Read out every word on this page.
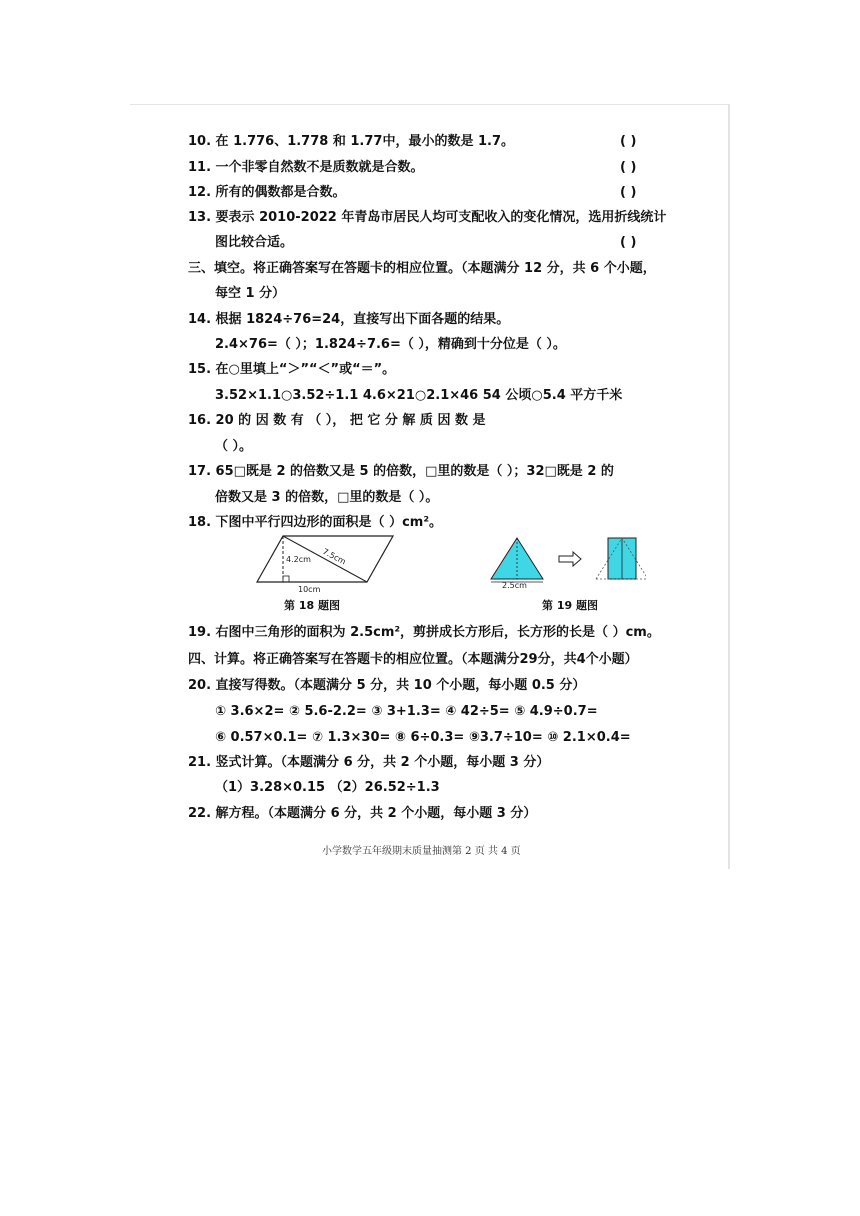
10. 在 1.776、1.778 和 1.77中，最小的数是 1.7。	( )
11. 一个非零自然数不是质数就是合数。	( )
12. 所有的偶数都是合数。	( )
13. 要表示 2010-2022 年青岛市居民人均可支配收入的变化情况，选用折线统计
图比较合适。	( )
三、填空。将正确答案写在答题卡的相应位置。（本题满分 12 分，共 6 个小题，
每空 1 分）
14. 根据 1824÷76=24，直接写出下面各题的结果。
2.4×76=（ ）；1.824÷7.6=（ ），精确到十分位是（ ）。
15. 在○里填上“＞”“＜”或“＝”。
3.52×1.1○3.52÷1.1 4.6×21○2.1×46 54 公顷○5.4 平方千米
16. 20 的 因 数 有 （ ）， 把 它 分 解 质 因 数 是
（ ）。
17. 65□既是 2 的倍数又是 5 的倍数，□里的数是（ ）；32□既是 2 的
倍数又是 3 的倍数，□里的数是（ ）。
18. 下图中平行四边形的面积是（ ）cm²。
4.2cm 7.5cm
10cm
第 18 题图
2.5cm
第 19 题图
19. 右图中三角形的面积为 2.5cm²，剪拼成长方形后，长方形的长是（ ）cm。
四、计算。将正确答案写在答题卡的相应位置。（本题满分29分，共4个小题）
20. 直接写得数。（本题满分 5 分，共 10 个小题，每小题 0.5 分）
① 3.6×2= ② 5.6-2.2= ③ 3+1.3= ④ 42÷5= ⑤ 4.9÷0.7=
⑥ 0.57×0.1= ⑦ 1.3×30= ⑧ 6÷0.3= ⑨3.7÷10= ⑩ 2.1×0.4=
21. 竖式计算。（本题满分 6 分，共 2 个小题，每小题 3 分）
（1）3.28×0.15 （2）26.52÷1.3
22. 解方程。（本题满分 6 分，共 2 个小题，每小题 3 分）
小学数学五年级期末质量抽测第 2 页 共 4 页
